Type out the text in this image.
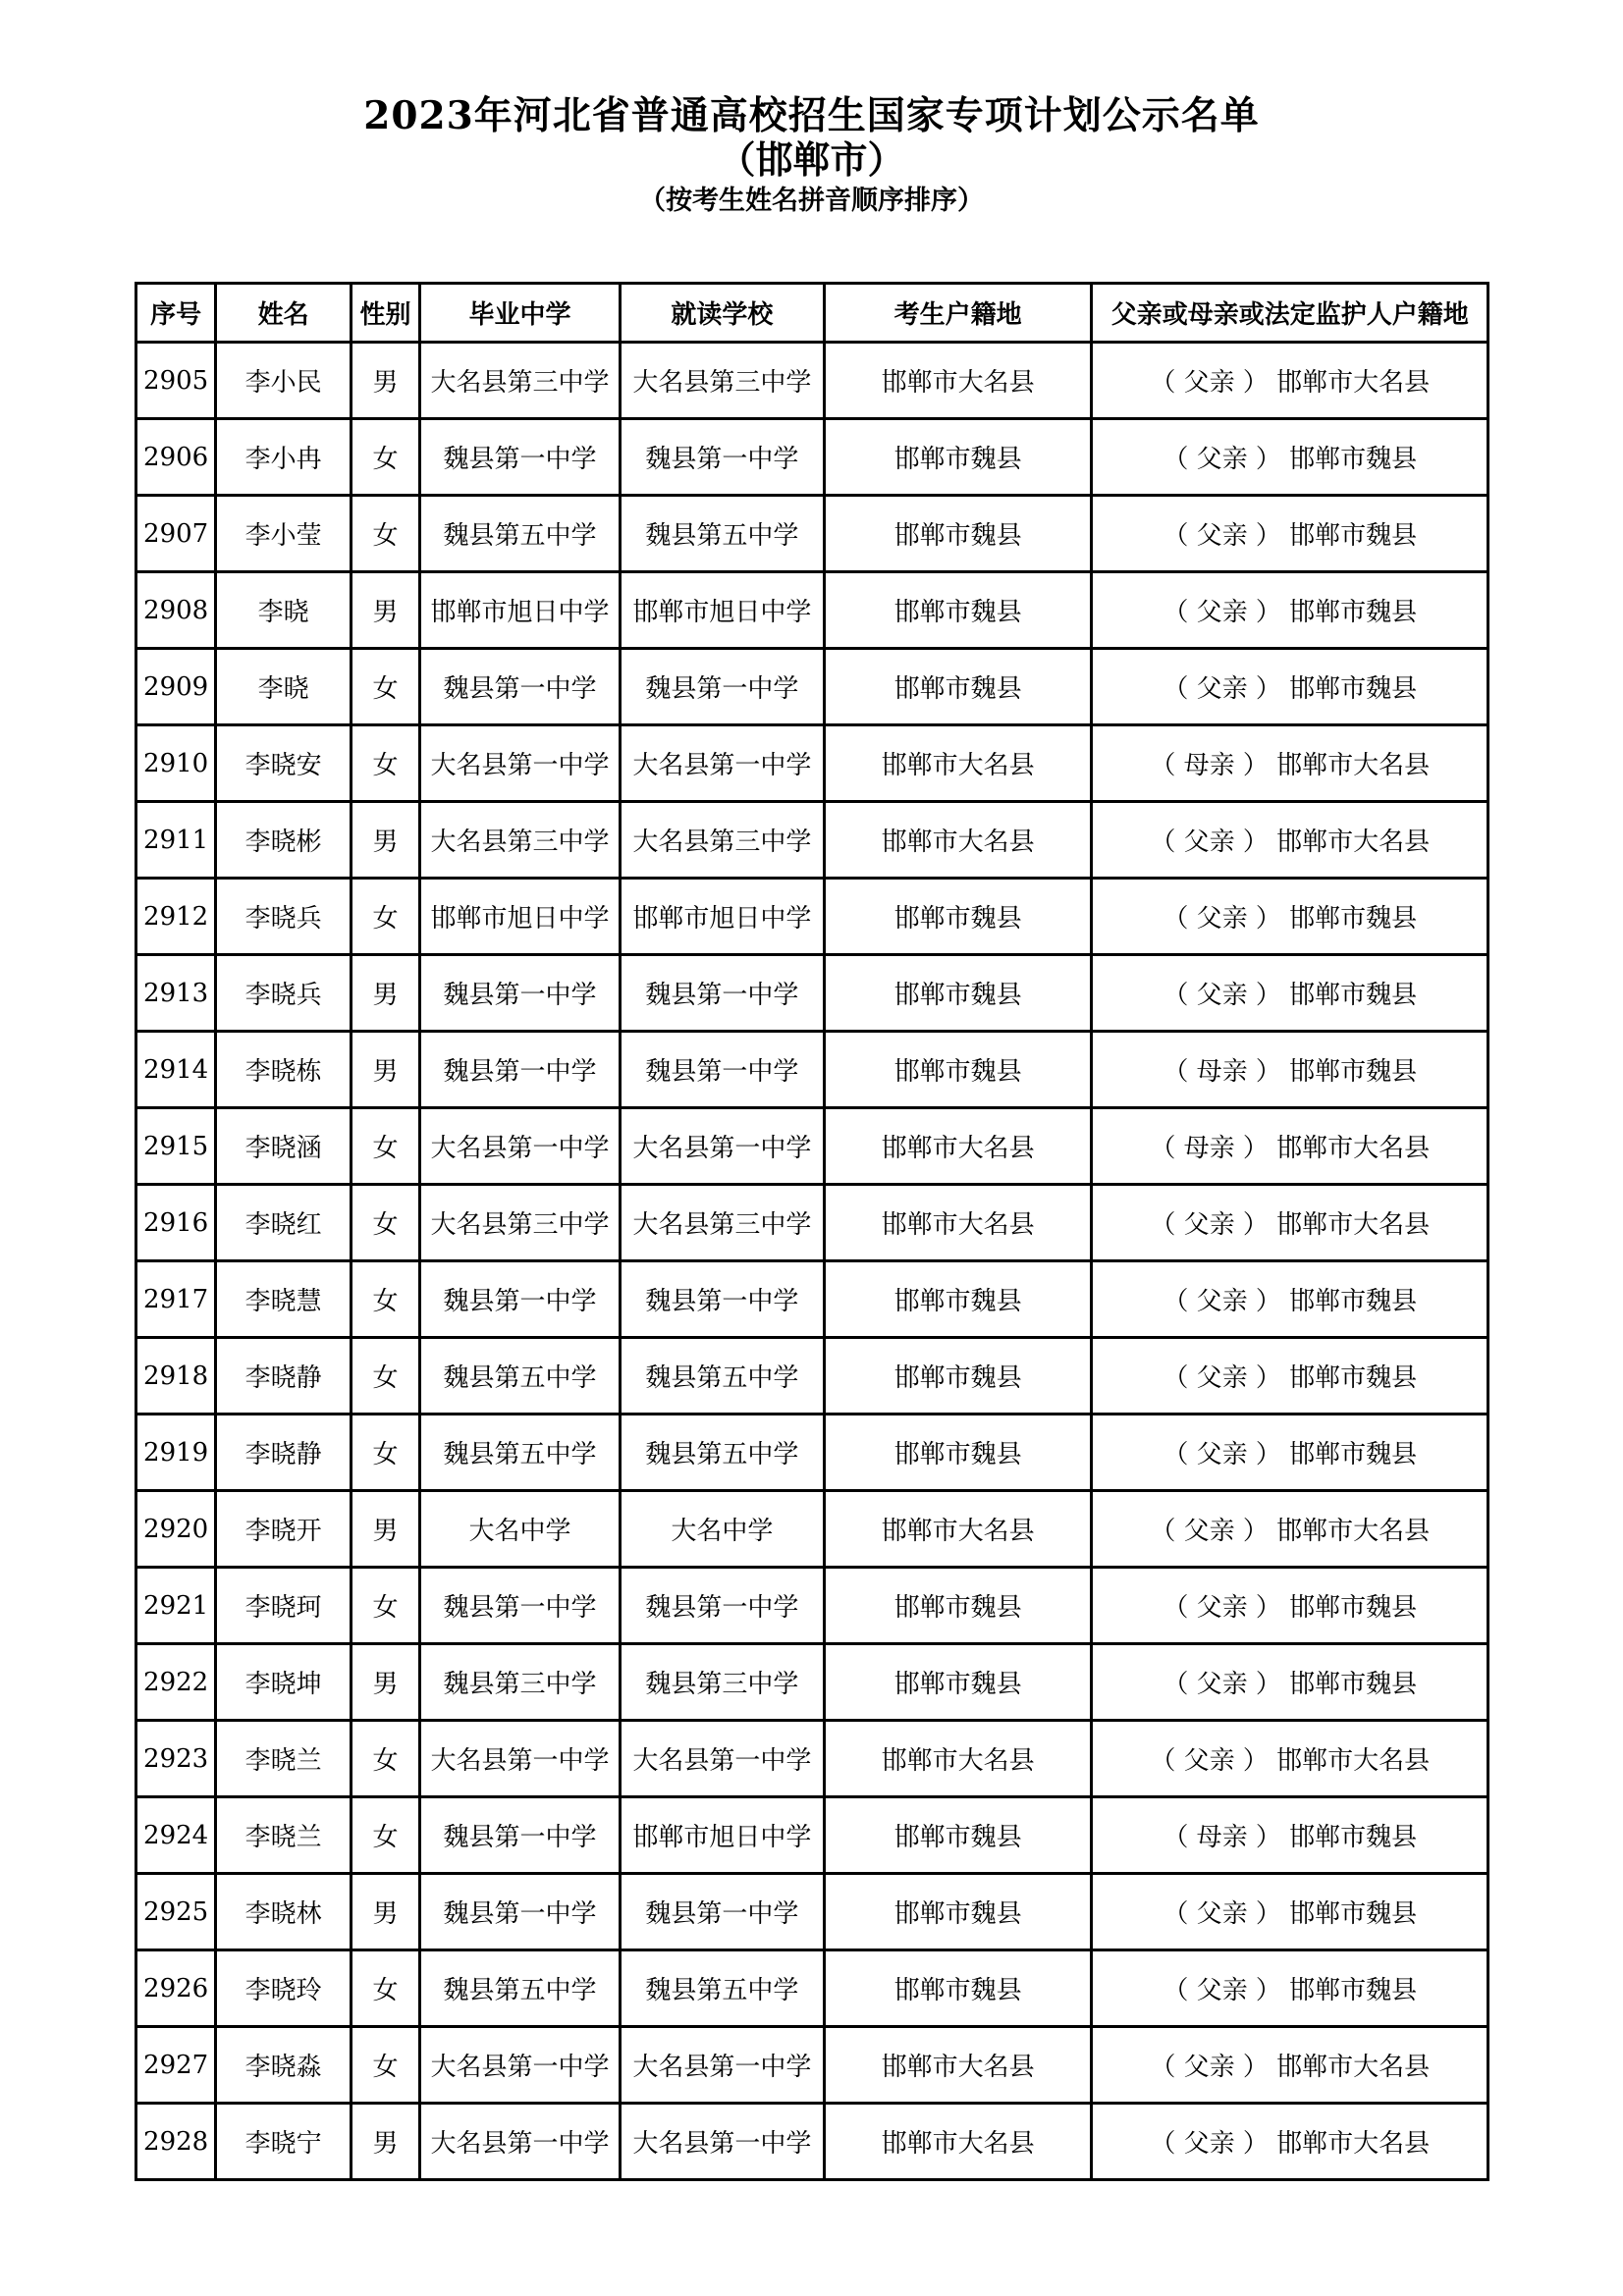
2023年河北省普通高校招生国家专项计划公示名单
（邯郸市）
（按考生姓名拼音顺序排序）
序号	姓名	性别	毕业中学	就读学校	考生户籍地	父亲或母亲或法定监护人户籍地
2905	李小民	男	大名县第三中学	大名县第三中学	邯郸市大名县	（ 父亲 ） 邯郸市大名县
2906	李小冉	女	魏县第一中学	魏县第一中学	邯郸市魏县	（ 父亲 ） 邯郸市魏县
2907	李小莹	女	魏县第五中学	魏县第五中学	邯郸市魏县	（ 父亲 ） 邯郸市魏县
2908	李晓	男	邯郸市旭日中学	邯郸市旭日中学	邯郸市魏县	（ 父亲 ） 邯郸市魏县
2909	李晓	女	魏县第一中学	魏县第一中学	邯郸市魏县	（ 父亲 ） 邯郸市魏县
2910	李晓安	女	大名县第一中学	大名县第一中学	邯郸市大名县	（ 母亲 ） 邯郸市大名县
2911	李晓彬	男	大名县第三中学	大名县第三中学	邯郸市大名县	（ 父亲 ） 邯郸市大名县
2912	李晓兵	女	邯郸市旭日中学	邯郸市旭日中学	邯郸市魏县	（ 父亲 ） 邯郸市魏县
2913	李晓兵	男	魏县第一中学	魏县第一中学	邯郸市魏县	（ 父亲 ） 邯郸市魏县
2914	李晓栋	男	魏县第一中学	魏县第一中学	邯郸市魏县	（ 母亲 ） 邯郸市魏县
2915	李晓涵	女	大名县第一中学	大名县第一中学	邯郸市大名县	（ 母亲 ） 邯郸市大名县
2916	李晓红	女	大名县第三中学	大名县第三中学	邯郸市大名县	（ 父亲 ） 邯郸市大名县
2917	李晓慧	女	魏县第一中学	魏县第一中学	邯郸市魏县	（ 父亲 ） 邯郸市魏县
2918	李晓静	女	魏县第五中学	魏县第五中学	邯郸市魏县	（ 父亲 ） 邯郸市魏县
2919	李晓静	女	魏县第五中学	魏县第五中学	邯郸市魏县	（ 父亲 ） 邯郸市魏县
2920	李晓开	男	大名中学	大名中学	邯郸市大名县	（ 父亲 ） 邯郸市大名县
2921	李晓珂	女	魏县第一中学	魏县第一中学	邯郸市魏县	（ 父亲 ） 邯郸市魏县
2922	李晓坤	男	魏县第三中学	魏县第三中学	邯郸市魏县	（ 父亲 ） 邯郸市魏县
2923	李晓兰	女	大名县第一中学	大名县第一中学	邯郸市大名县	（ 父亲 ） 邯郸市大名县
2924	李晓兰	女	魏县第一中学	邯郸市旭日中学	邯郸市魏县	（ 母亲 ） 邯郸市魏县
2925	李晓林	男	魏县第一中学	魏县第一中学	邯郸市魏县	（ 父亲 ） 邯郸市魏县
2926	李晓玲	女	魏县第五中学	魏县第五中学	邯郸市魏县	（ 父亲 ） 邯郸市魏县
2927	李晓淼	女	大名县第一中学	大名县第一中学	邯郸市大名县	（ 父亲 ） 邯郸市大名县
2928	李晓宁	男	大名县第一中学	大名县第一中学	邯郸市大名县	（ 父亲 ） 邯郸市大名县
